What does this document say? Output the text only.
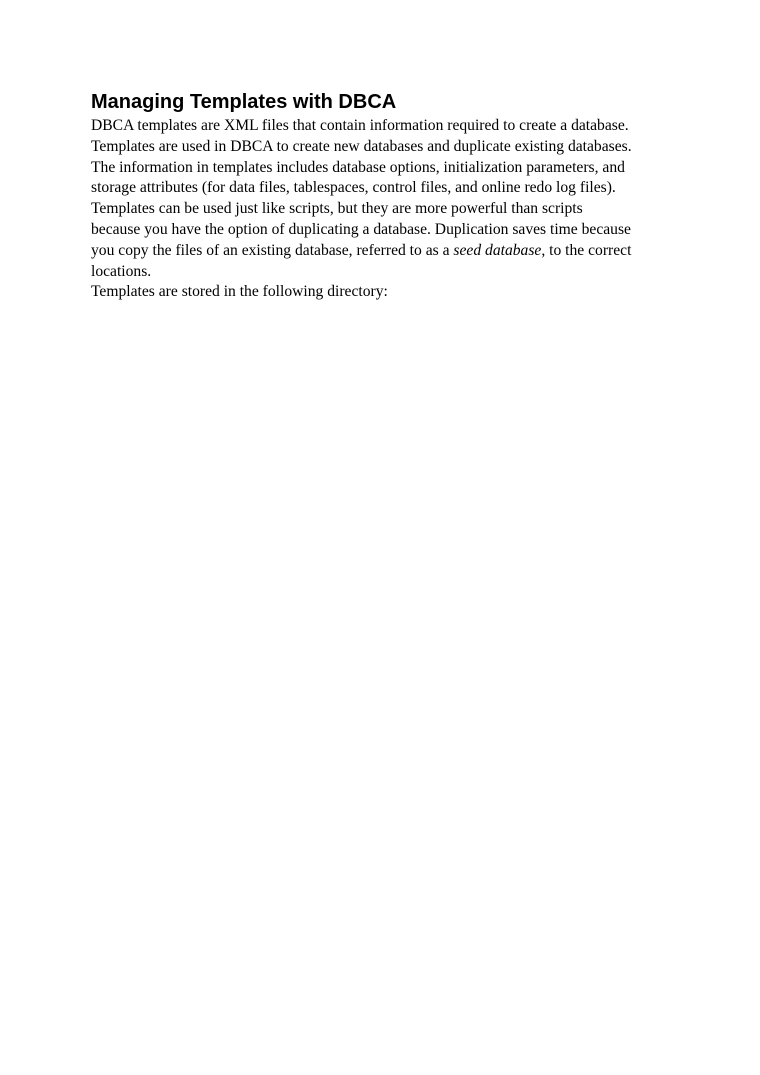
Managing Templates with DBCA
DBCA templates are XML files that contain information required to create a database.
Templates are used in DBCA to create new databases and duplicate existing databases.
The information in templates includes database options, initialization parameters, and
storage attributes (for data files, tablespaces, control files, and online redo log files).
Templates can be used just like scripts, but they are more powerful than scripts
because you have the option of duplicating a database. Duplication saves time because
you copy the files of an existing database, referred to as a seed database, to the correct
locations.
Templates are stored in the following directory:
